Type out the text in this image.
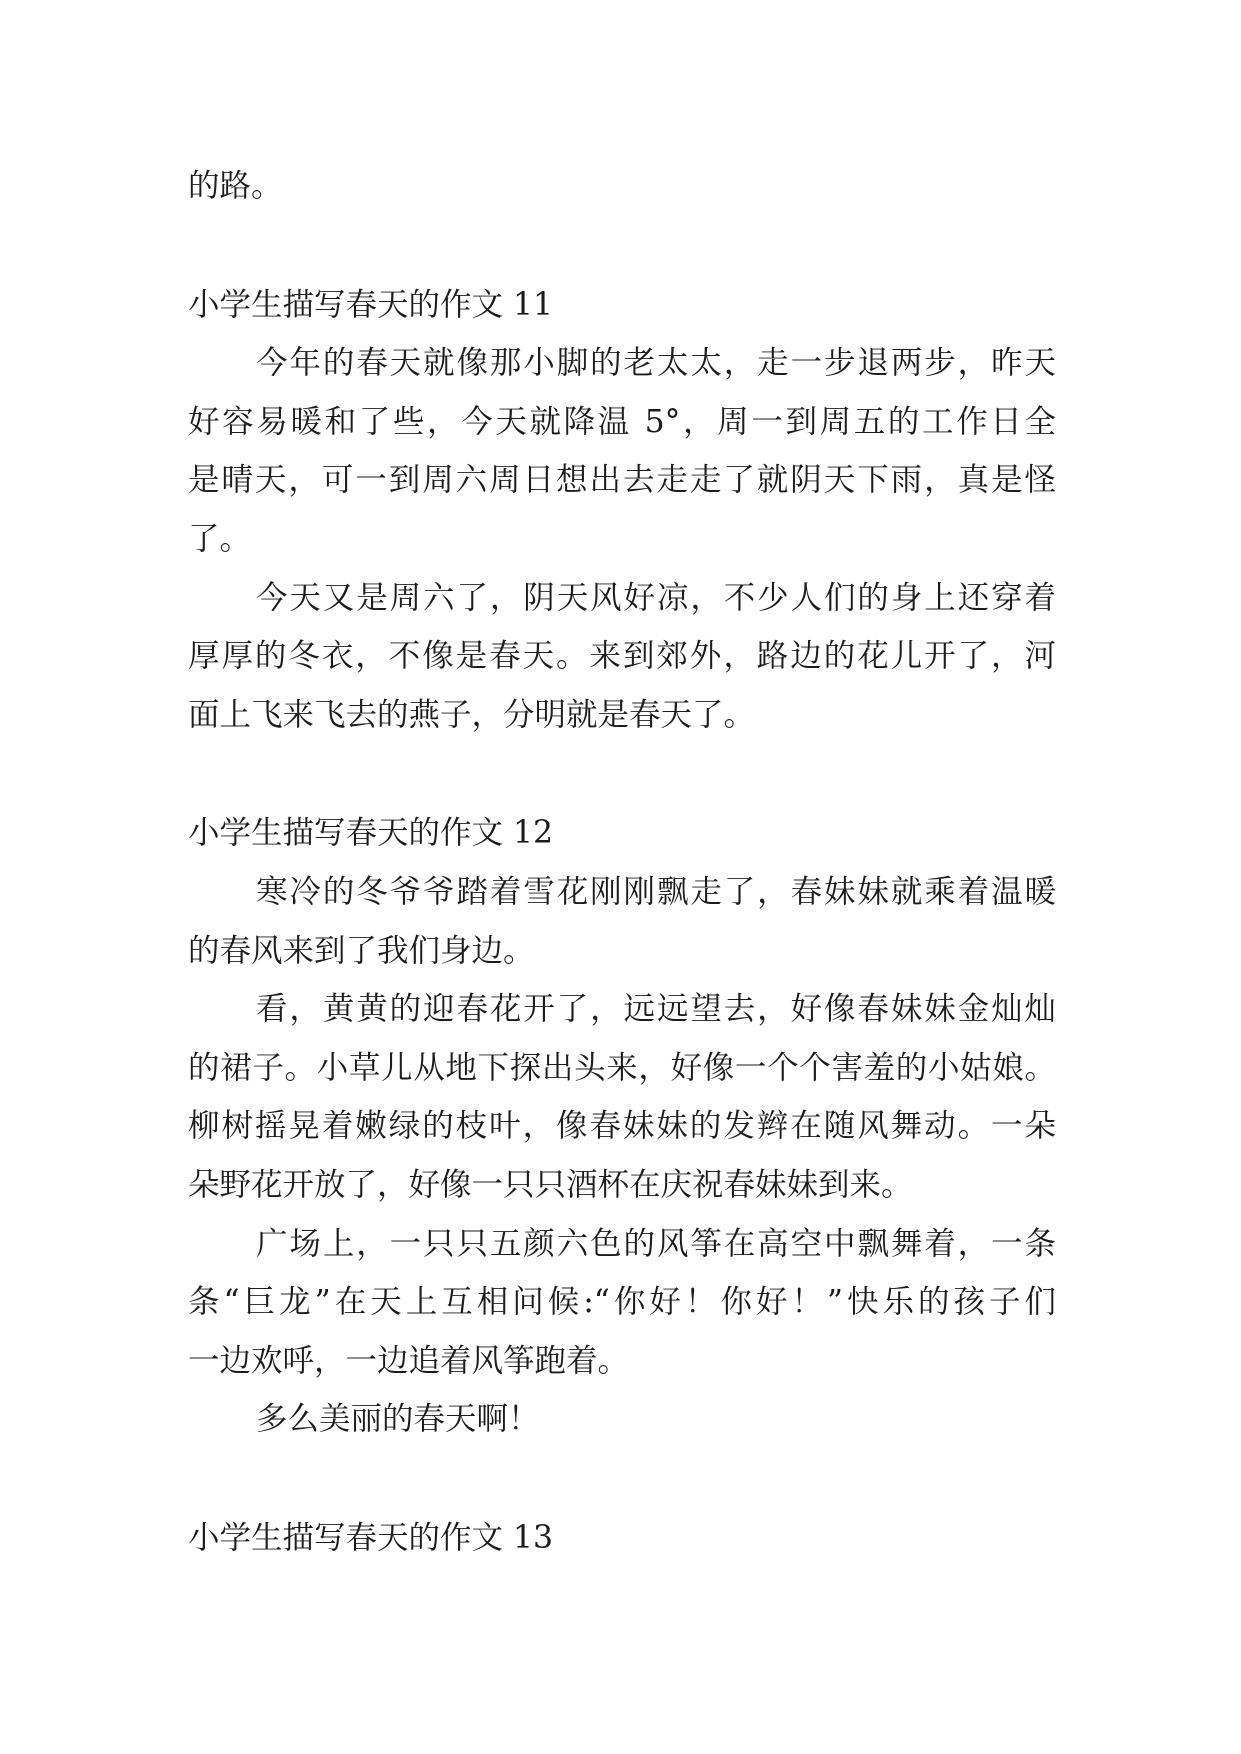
的路。
小学生描写春天的作文 11
今年的春天就像那小脚的老太太，走一步退两步，昨天
好容易暖和了些，今天就降温 5°，周一到周五的工作日全
是晴天，可一到周六周日想出去走走了就阴天下雨，真是怪
了。
今天又是周六了，阴天风好凉，不少人们的身上还穿着
厚厚的冬衣，不像是春天。来到郊外，路边的花儿开了，河
面上飞来飞去的燕子，分明就是春天了。
小学生描写春天的作文 12
寒冷的冬爷爷踏着雪花刚刚飘走了，春妹妹就乘着温暖
的春风来到了我们身边。
看，黄黄的迎春花开了，远远望去，好像春妹妹金灿灿
的裙子。小草儿从地下探出头来，好像一个个害羞的小姑娘。
柳树摇晃着嫩绿的枝叶，像春妹妹的发辫在随风舞动。一朵
朵野花开放了，好像一只只酒杯在庆祝春妹妹到来。
广场上，一只只五颜六色的风筝在高空中飘舞着，一条
条“巨龙”在天上互相问候:“你好！你好！”快乐的孩子们
一边欢呼，一边追着风筝跑着。
多么美丽的春天啊！
小学生描写春天的作文 13
